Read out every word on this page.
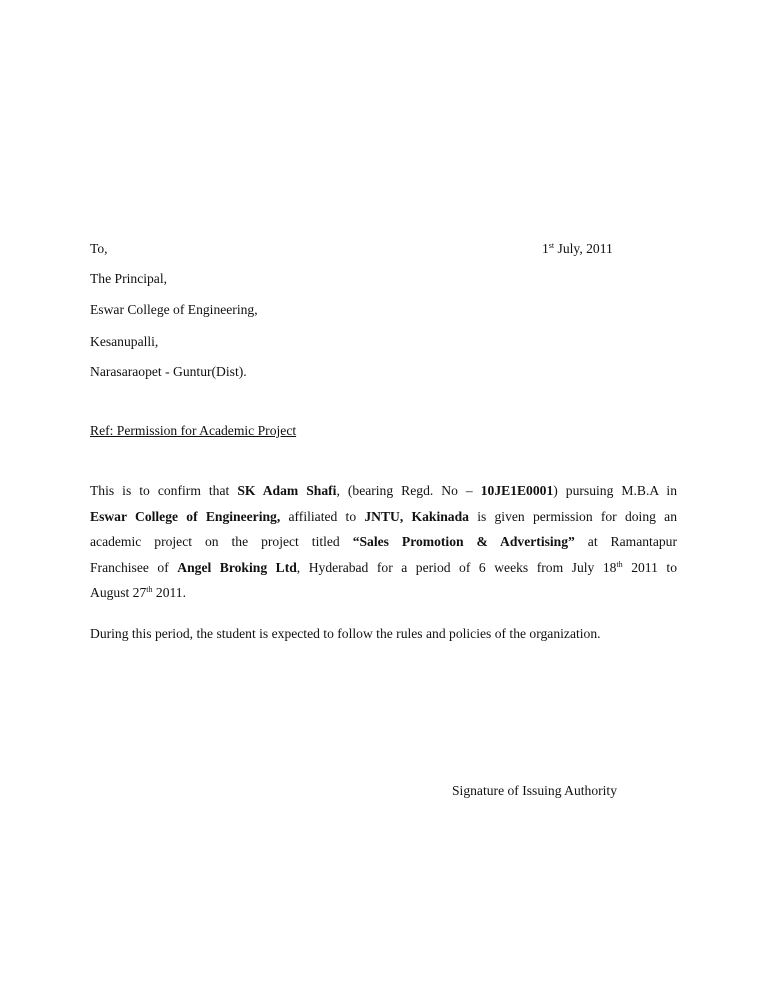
To,	1st July, 2011
The Principal,
Eswar College of Engineering,
Kesanupalli,
Narasaraopet - Guntur(Dist).
Ref: Permission for Academic Project
This is to confirm that SK Adam Shafi, (bearing Regd. No – 10JE1E0001) pursuing M.B.A in
Eswar College of Engineering, affiliated to JNTU, Kakinada is given permission for doing an
academic project on the project titled “Sales Promotion & Advertising” at Ramantapur
Franchisee of Angel Broking Ltd, Hyderabad for a period of 6 weeks from July 18th 2011 to
August 27th 2011.
During this period, the student is expected to follow the rules and policies of the organization.
Signature of Issuing Authority
